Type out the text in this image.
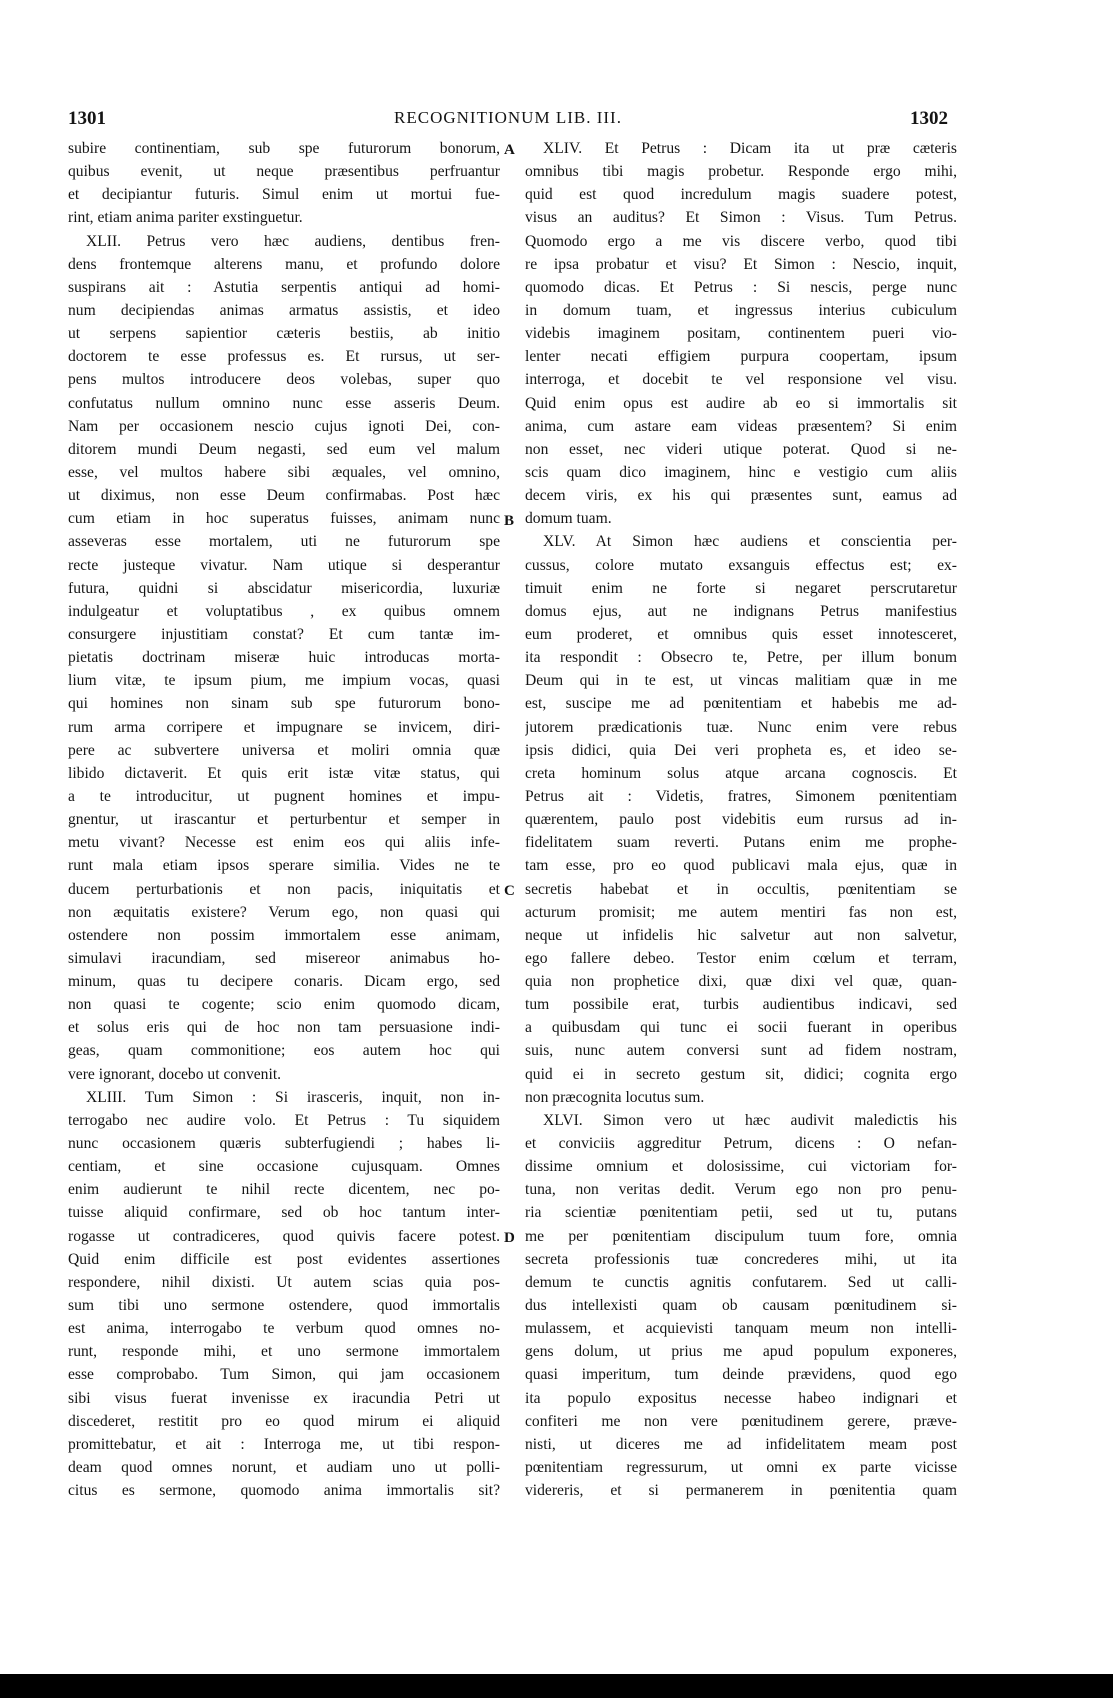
1301	RECOGNITIONUM LIB. III.	1302
subire continentiam, sub spe futurorum bonorum,
quibus evenit, ut neque præsentibus perfruantur
et decipiantur futuris. Simul enim ut mortui fue-
rint, etiam anima pariter exstinguetur.
XLII. Petrus vero hæc audiens, dentibus fren-
dens frontemque alterens manu, et profundo dolore
suspirans ait : Astutia serpentis antiqui ad homi-
num decipiendas animas armatus assistis, et ideo
ut serpens sapientior cæteris bestiis, ab initio
doctorem te esse professus es. Et rursus, ut ser-
pens multos introducere deos volebas, super quo
confutatus nullum omnino nunc esse asseris Deum.
Nam per occasionem nescio cujus ignoti Dei, con-
ditorem mundi Deum negasti, sed eum vel malum
esse, vel multos habere sibi æquales, vel omnino,
ut diximus, non esse Deum confirmabas. Post hæc
cum etiam in hoc superatus fuisses, animam nunc
asseveras esse mortalem, uti ne futurorum spe
recte justeque vivatur. Nam utique si desperantur
futura, quidni si abscidatur misericordia, luxuriæ
indulgeatur et voluptatibus , ex quibus omnem
consurgere injustitiam constat? Et cum tantæ im-
pietatis doctrinam miseræ huic introducas morta-
lium vitæ, te ipsum pium, me impium vocas, quasi
qui homines non sinam sub spe futurorum bono-
rum arma corripere et impugnare se invicem, diri-
pere ac subvertere universa et moliri omnia quæ
libido dictaverit. Et quis erit istæ vitæ status, qui
a te introducitur, ut pugnent homines et impu-
gnentur, ut irascantur et perturbentur et semper in
metu vivant? Necesse est enim eos qui aliis infe-
runt mala etiam ipsos sperare similia. Vides ne te
ducem perturbationis et non pacis, iniquitatis et
non æquitatis existere? Verum ego, non quasi qui
ostendere non possim immortalem esse animam,
simulavi iracundiam, sed misereor animabus ho-
minum, quas tu decipere conaris. Dicam ergo, sed
non quasi te cogente; scio enim quomodo dicam,
et solus eris qui de hoc non tam persuasione indi-
geas, quam commonitione; eos autem hoc qui
vere ignorant, docebo ut convenit.
XLIII. Tum Simon : Si irasceris, inquit, non in-
terrogabo nec audire volo. Et Petrus : Tu siquidem
nunc occasionem quæris subterfugiendi ; habes li-
centiam, et sine occasione cujusquam. Omnes
enim audierunt te nihil recte dicentem, nec po-
tuisse aliquid confirmare, sed ob hoc tantum inter-
rogasse ut contradiceres, quod quivis facere potest.
Quid enim difficile est post evidentes assertiones
respondere, nihil dixisti. Ut autem scias quia pos-
sum tibi uno sermone ostendere, quod immortalis
est anima, interrogabo te verbum quod omnes no-
runt, responde mihi, et uno sermone immortalem
esse comprobabo. Tum Simon, qui jam occasionem
sibi visus fuerat invenisse ex iracundia Petri ut
discederet, restitit pro eo quod mirum ei aliquid
promittebatur, et ait : Interroga me, ut tibi respon-
deam quod omnes norunt, et audiam uno ut polli-
citus es sermone, quomodo anima immortalis sit?
XLIV. Et Petrus : Dicam ita ut præ cæteris
omnibus tibi magis probetur. Responde ergo mihi,
quid est quod incredulum magis suadere potest,
visus an auditus? Et Simon : Visus. Tum Petrus.
Quomodo ergo a me vis discere verbo, quod tibi
re ipsa probatur et visu? Et Simon : Nescio, inquit,
quomodo dicas. Et Petrus : Si nescis, perge nunc
in domum tuam, et ingressus interius cubiculum
videbis imaginem positam, continentem pueri vio-
lenter necati effigiem purpura coopertam, ipsum
interroga, et docebit te vel responsione vel visu.
Quid enim opus est audire ab eo si immortalis sit
anima, cum astare eam videas præsentem? Si enim
non esset, nec videri utique poterat. Quod si ne-
scis quam dico imaginem, hinc e vestigio cum aliis
decem viris, ex his qui præsentes sunt, eamus ad
domum tuam.
XLV. At Simon hæc audiens et conscientia per-
cussus, colore mutato exsanguis effectus est; ex-
timuit enim ne forte si negaret perscrutaretur
domus ejus, aut ne indignans Petrus manifestius
eum proderet, et omnibus quis esset innotesceret,
ita respondit : Obsecro te, Petre, per illum bonum
Deum qui in te est, ut vincas malitiam quæ in me
est, suscipe me ad pœnitentiam et habebis me ad-
jutorem prædicationis tuæ. Nunc enim vere rebus
ipsis didici, quia Dei veri propheta es, et ideo se-
creta hominum solus atque arcana cognoscis. Et
Petrus ait : Videtis, fratres, Simonem pœnitentiam
quærentem, paulo post videbitis eum rursus ad in-
fidelitatem suam reverti. Putans enim me prophe-
tam esse, pro eo quod publicavi mala ejus, quæ in
secretis habebat et in occultis, pœnitentiam se
acturum promisit; me autem mentiri fas non est,
neque ut infidelis hic salvetur aut non salvetur,
ego fallere debeo. Testor enim cœlum et terram,
quia non prophetice dixi, quæ dixi vel quæ, quan-
tum possibile erat, turbis audientibus indicavi, sed
a quibusdam qui tunc ei socii fuerant in operibus
suis, nunc autem conversi sunt ad fidem nostram,
quid ei in secreto gestum sit, didici; cognita ergo
non præcognita locutus sum.
XLVI. Simon vero ut hæc audivit maledictis his
et conviciis aggreditur Petrum, dicens : O nefan-
dissime omnium et dolosissime, cui victoriam for-
tuna, non veritas dedit. Verum ego non pro penu-
ria scientiæ pœnitentiam petii, sed ut tu, putans
me per pœnitentiam discipulum tuum fore, omnia
secreta professionis tuæ concrederes mihi, ut ita
demum te cunctis agnitis confutarem. Sed ut calli-
dus intellexisti quam ob causam pœnitudinem si-
mulassem, et acquievisti tanquam meum non intelli-
gens dolum, ut prius me apud populum exponeres,
quasi imperitum, tum deinde prævidens, quod ego
ita populo expositus necesse habeo indignari et
confiteri me non vere pœnitudinem gerere, præve-
nisti, ut diceres me ad infidelitatem meam post
pœnitentiam regressurum, ut omni ex parte vicisse
videreris, et si permanerem in pœnitentia quam
A
B
C
D
